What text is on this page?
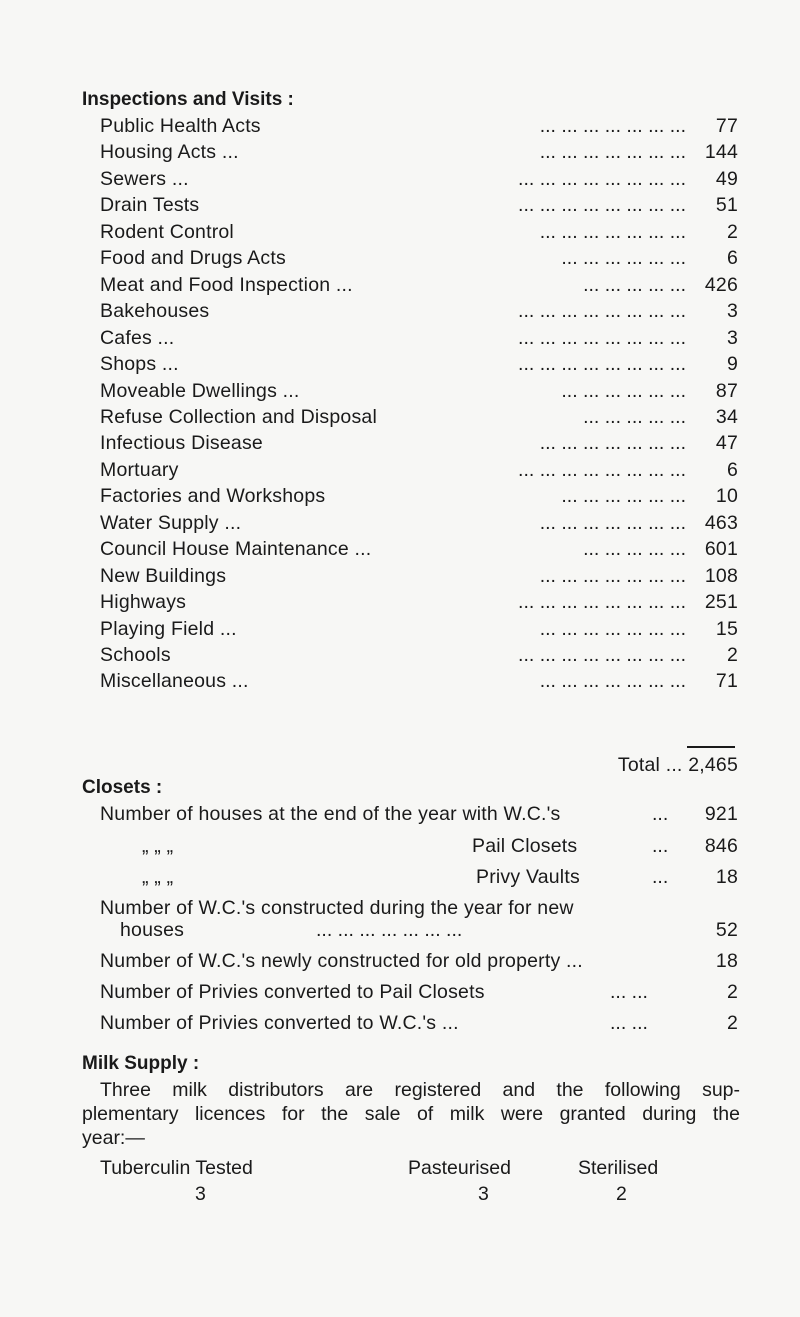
Inspections and Visits :
Public Health Acts	... ... ... ... ... ... ... 77
Housing Acts ...	... ... ... ... ... ... ... 144
Sewers ...	... ... ... ... ... ... ... ... 49
Drain Tests	... ... ... ... ... ... ... ... 51
Rodent Control	... ... ... ... ... ... ... 2
Food and Drugs Acts	... ... ... ... ... ... 6
Meat and Food Inspection ...	... ... ... ... ... 426
Bakehouses	... ... ... ... ... ... ... ... 3
Cafes ...	... ... ... ... ... ... ... ... 3
Shops ...	... ... ... ... ... ... ... ... 9
Moveable Dwellings ...	... ... ... ... ... ... 87
Refuse Collection and Disposal	... ... ... ... ... 34
Infectious Disease	... ... ... ... ... ... ... 47
Mortuary	... ... ... ... ... ... ... ... 6
Factories and Workshops	... ... ... ... ... ... 10
Water Supply ...	... ... ... ... ... ... ... 463
Council House Maintenance ...	... ... ... ... ... 601
New Buildings	... ... ... ... ... ... ... 108
Highways	... ... ... ... ... ... ... ... 251
Playing Field ...	... ... ... ... ... ... ... 15
Schools	... ... ... ... ... ... ... ... 2
Miscellaneous ...	... ... ... ... ... ... ... 71
Total ... 2,465
Closets :
Number of houses at the end of the year with W.C.'s	... 921
„ „ „	Pail Closets	... 846
„ „ „	Privy Vaults	... 18
Number of W.C.'s constructed during the year for new
houses	... ... ... ... ... ... ...	52
Number of W.C.'s newly constructed for old property ...	18
Number of Privies converted to Pail Closets	... ...	2
Number of Privies converted to W.C.'s ...	... ...	2
Milk Supply :
Three milk distributors are registered and the following sup-
plementary licences for the sale of milk were granted during the
year:—
Tuberculin Tested	Pasteurised	Sterilised
3	3	2
